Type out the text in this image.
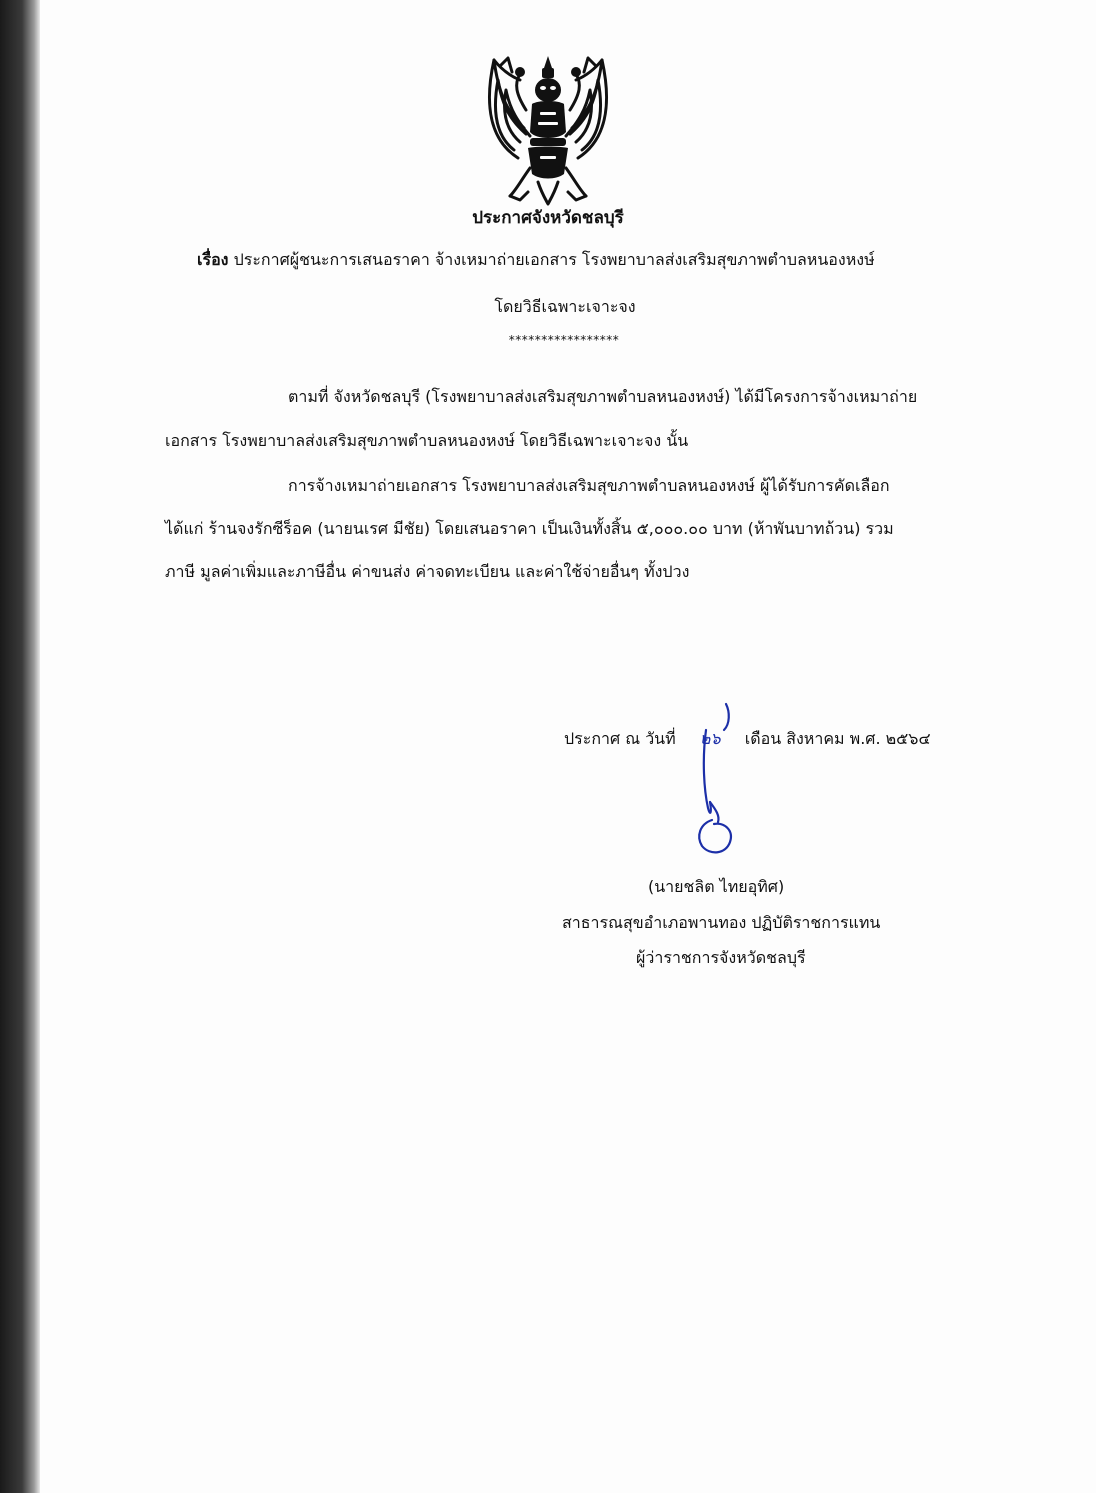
ประกาศจังหวัดชลบุรี
เรื่อง ประกาศผู้ชนะการเสนอราคา จ้างเหมาถ่ายเอกสาร โรงพยาบาลส่งเสริมสุขภาพตำบลหนองหงษ์
โดยวิธีเฉพาะเจาะจง
*****************
ตามที่ จังหวัดชลบุรี (โรงพยาบาลส่งเสริมสุขภาพตำบลหนองหงษ์) ได้มีโครงการจ้างเหมาถ่าย
เอกสาร โรงพยาบาลส่งเสริมสุขภาพตำบลหนองหงษ์ โดยวิธีเฉพาะเจาะจง นั้น
การจ้างเหมาถ่ายเอกสาร โรงพยาบาลส่งเสริมสุขภาพตำบลหนองหงษ์ ผู้ได้รับการคัดเลือก
ได้แก่ ร้านจงรักซีร็อค (นายนเรศ มีชัย) โดยเสนอราคา เป็นเงินทั้งสิ้น ๕,๐๐๐.๐๐ บาท (ห้าพันบาทถ้วน) รวม
ภาษี มูลค่าเพิ่มและภาษีอื่น ค่าขนส่ง ค่าจดทะเบียน และค่าใช้จ่ายอื่นๆ ทั้งปวง
ประกาศ ณ วันที่ ๒๖ เดือน สิงหาคม พ.ศ. ๒๕๖๔
(นายชลิต ไทยอุทิศ)
สาธารณสุขอำเภอพานทอง ปฏิบัติราชการแทน
ผู้ว่าราชการจังหวัดชลบุรี
